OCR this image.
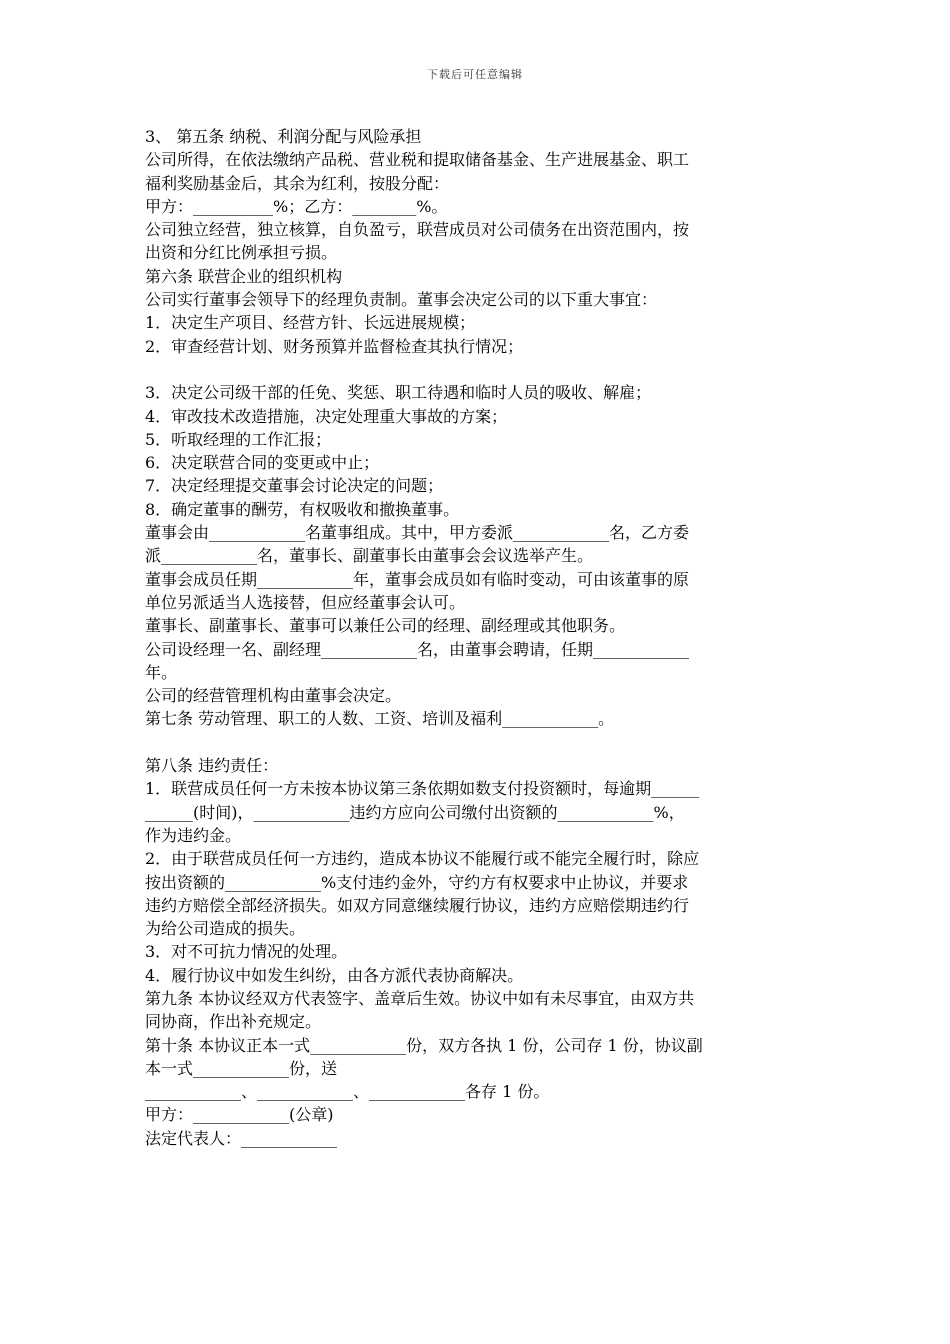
下载后可任意编辑
3、 第五条 纳税、利润分配与风险承担
公司所得，在依法缴纳产品税、营业税和提取储备基金、生产进展基金、职工
福利奖励基金后，其余为红利，按股分配：
甲方：__________%；乙方：________%。
公司独立经营，独立核算，自负盈亏，联营成员对公司债务在出资范围内，按
出资和分红比例承担亏损。
第六条 联营企业的组织机构
公司实行董事会领导下的经理负责制。董事会决定公司的以下重大事宜：
1．决定生产项目、经营方针、长远进展规模；
2．审查经营计划、财务预算并监督检查其执行情况；
3．决定公司级干部的任免、奖惩、职工待遇和临时人员的吸收、解雇；
4．审改技术改造措施，决定处理重大事故的方案；
5．听取经理的工作汇报；
6．决定联营合同的变更或中止；
7．决定经理提交董事会讨论决定的问题；
8．确定董事的酬劳，有权吸收和撤换董事。
董事会由____________名董事组成。其中，甲方委派____________名，乙方委
派____________名，董事长、副董事长由董事会会议选举产生。
董事会成员任期____________年，董事会成员如有临时变动，可由该董事的原
单位另派适当人选接替，但应经董事会认可。
董事长、副董事长、董事可以兼任公司的经理、副经理或其他职务。
公司设经理一名、副经理____________名，由董事会聘请，任期____________
年。
公司的经营管理机构由董事会决定。
第七条 劳动管理、职工的人数、工资、培训及福利____________。
第八条 违约责任：
1．联营成员任何一方未按本协议第三条依期如数支付投资额时，每逾期______
______(时间)，____________违约方应向公司缴付出资额的____________%，
作为违约金。
2．由于联营成员任何一方违约，造成本协议不能履行或不能完全履行时，除应
按出资额的____________%支付违约金外，守约方有权要求中止协议，并要求
违约方赔偿全部经济损失。如双方同意继续履行协议，违约方应赔偿期违约行
为给公司造成的损失。
3．对不可抗力情况的处理。
4．履行协议中如发生纠纷，由各方派代表协商解决。
第九条 本协议经双方代表签字、盖章后生效。协议中如有未尽事宜，由双方共
同协商，作出补充规定。
第十条 本协议正本一式____________份，双方各执 1 份，公司存 1 份，协议副
本一式____________份，送
____________、____________、____________各存 1 份。
甲方：____________(公章)
法定代表人：____________
